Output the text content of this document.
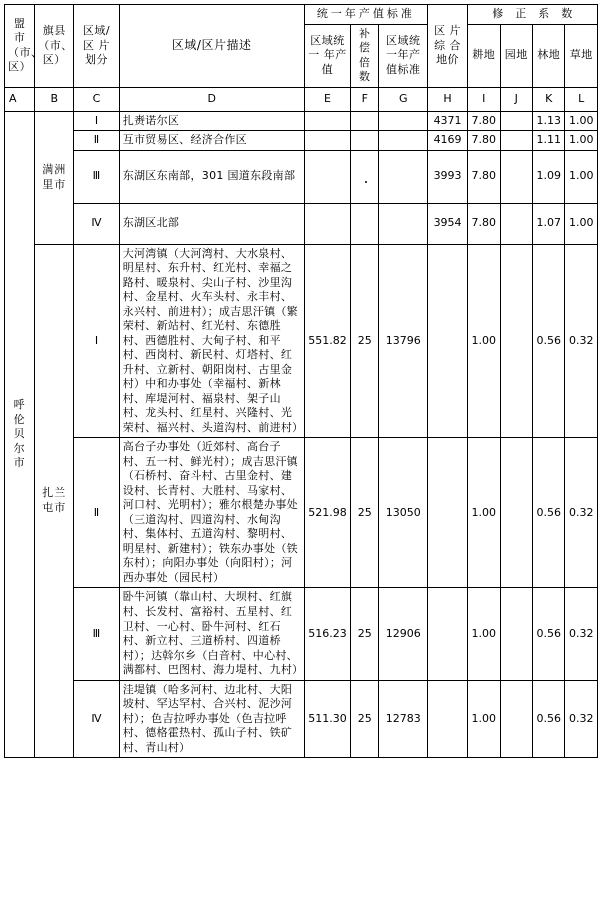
盟 市（市、区）	旗县（市、区）	区域/区 片划分	区域/区片描述	统一年产值标准			区 片 综 合 地价	修　正　系　数			
				区域统一 年产值	补偿 倍数	区域统 一年产 值标准		耕地	园地	林地	草地
A	B	C	D	E	F	G	H	I	J	K	L
呼伦贝尔市	满洲里市	Ⅰ	扎赉诺尔区				4371	7.80		1.13	1.00
		Ⅱ	互市贸易区、经济合作区				4169	7.80		1.11	1.00
		Ⅲ	东湖区东南部，301 国道东段南部				3993	7.80		1.09	1.00
		Ⅳ	东湖区北部				3954	7.80		1.07	1.00
	扎兰屯市	Ⅰ	大河湾镇（大河湾村、大水泉村、明星村、东升村、红光村、幸福之路村、暖泉村、尖山子村、沙里沟村、金星村、火车头村、永丰村、永兴村、前进村）；成吉思汗镇（繁荣村、新站村、红光村、东德胜村、西德胜村、大甸子村、和平村、西岗村、新民村、灯塔村、红升村、立新村、朝阳岗村、古里金村）中和办事处（幸福村、新林村、库堤河村、福泉村、架子山村、龙头村、红星村、兴隆村、光荣村、福兴村、头道沟村、前进村）	551.82	25	13796		1.00		0.56	0.32
		Ⅱ	高台子办事处（近郊村、高台子村、五一村、鲜光村）；成吉思汗镇（石桥村、奋斗村、古里金村、建设村、长青村、大胜村、马家村、河口村、光明村）；雅尔根楚办事处（三道沟村、四道沟村、水甸沟村、集体村、五道沟村、黎明村、明星村、新建村）；铁东办事处（铁东村）；向阳办事处（向阳村）；河西办事处（园民村）	521.98	25	13050		1.00		0.56	0.32
		Ⅲ	卧牛河镇（靠山村、大坝村、红旗村、长发村、富裕村、五星村、红卫村、一心村、卧牛河村、红石村、新立村、三道桥村、四道桥村）；达斡尔乡（白音村、中心村、满都村、巴图村、海力堤村、九村）	516.23	25	12906		1.00		0.56	0.32
		Ⅳ	洼堤镇（哈多河村、边北村、大阳坡村、罕达罕村、合兴村、泥沙河村）；色吉拉呼办事处（色吉拉呼村、德格霍热村、孤山子村、铁矿村、青山村）	511.30	25	12783		1.00		0.56	0.32
